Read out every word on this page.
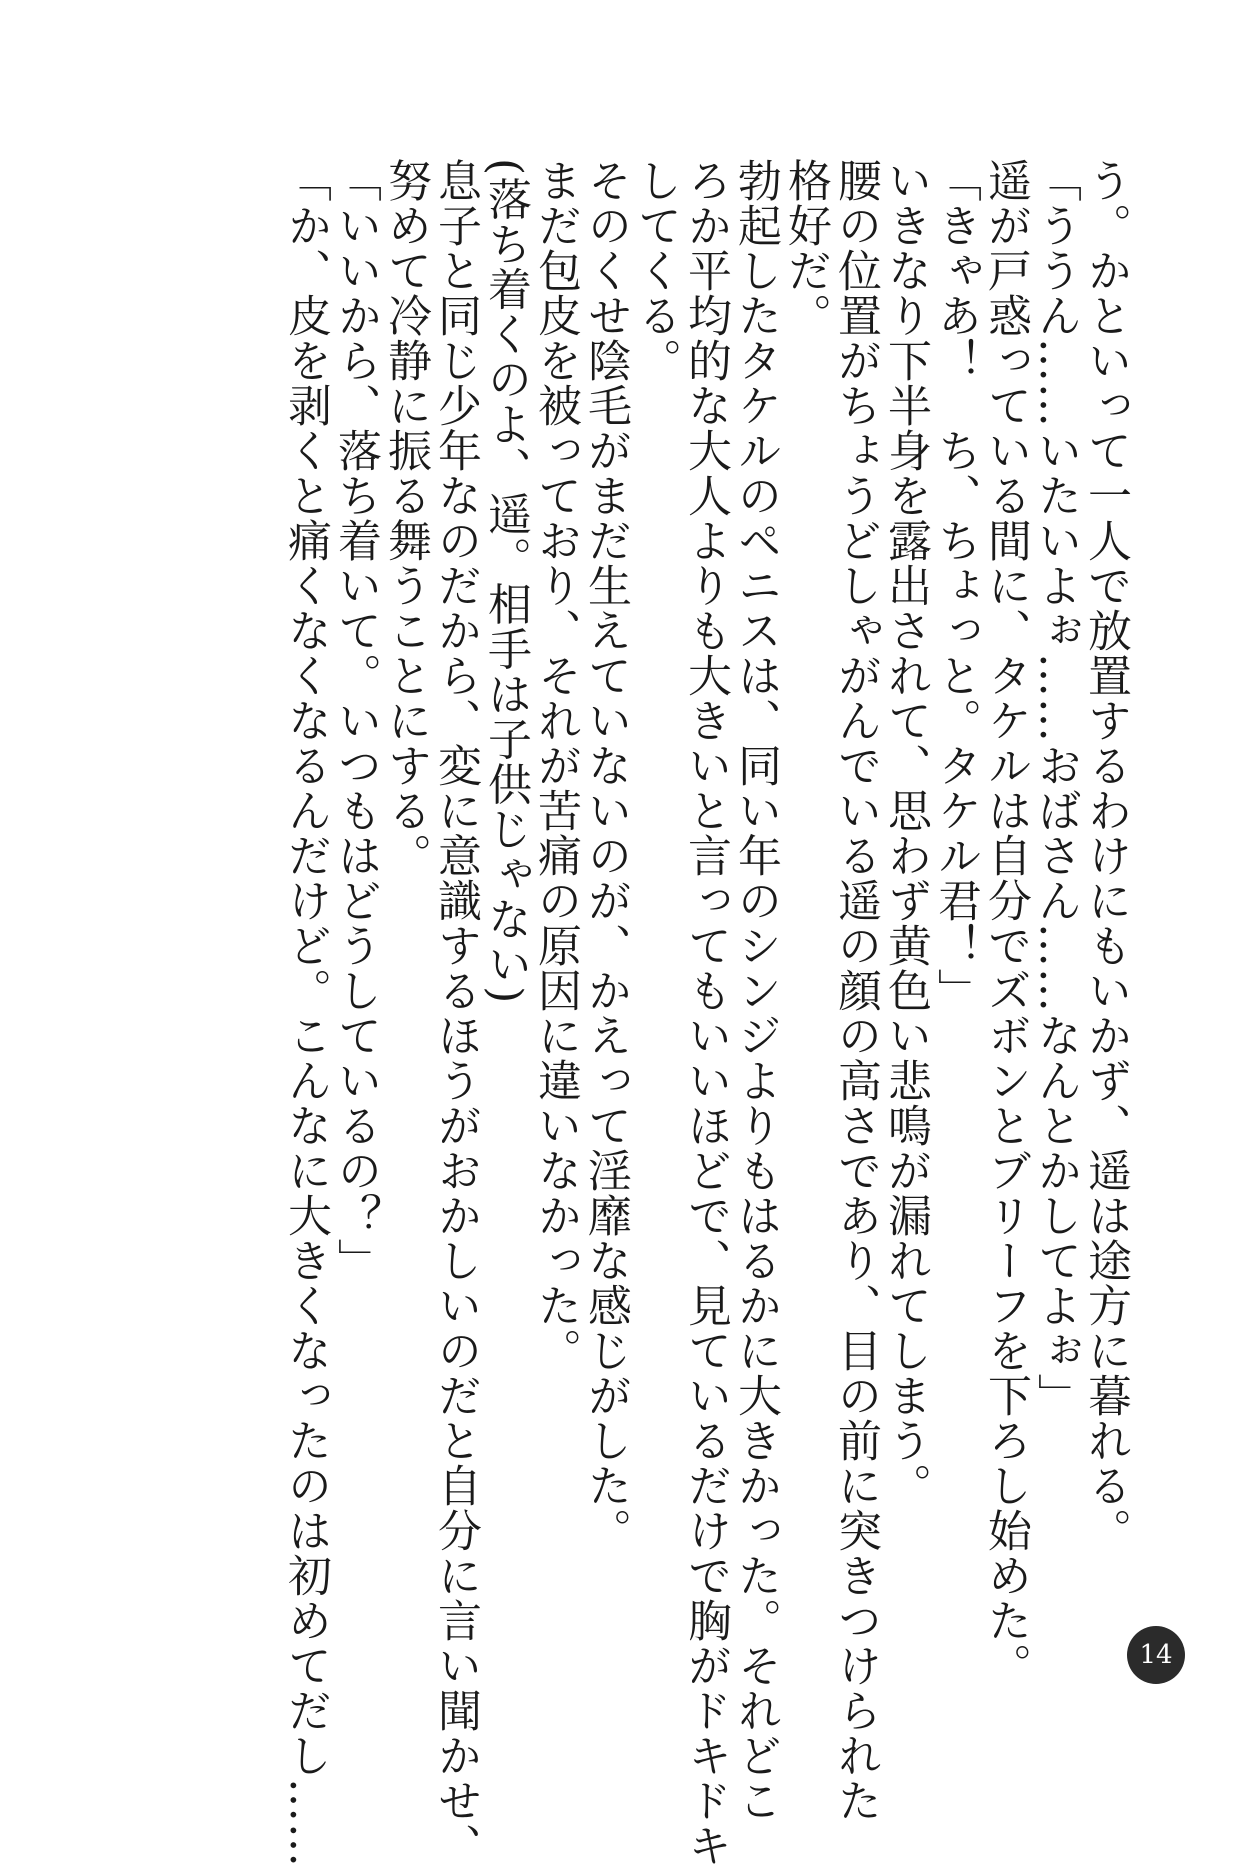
う。かといって一人で放置するわけにもいかず、遥は途方に暮れる。
「ううん……いたいよぉ……おばさん……なんとかしてよぉ」
遥が戸惑っている間に、タケルは自分でズボンとブリーフを下ろし始めた。
「きゃあ！　ち、ちょっと。タケル君！」
いきなり下半身を露出されて、思わず黄色い悲鳴が漏れてしまう。
腰の位置がちょうどしゃがんでいる遥の顔の高さであり、目の前に突きつけられた
格好だ。
勃起したタケルのペニスは、同い年のシンジよりもはるかに大きかった。それどこ
ろか平均的な大人よりも大きいと言ってもいいほどで、見ているだけで胸がドキドキ
してくる。
そのくせ陰毛がまだ生えていないのが、かえって淫靡な感じがした。
まだ包皮を被っており、それが苦痛の原因に違いなかった。
(落ち着くのよ、遥。相手は子供じゃない)
息子と同じ少年なのだから、変に意識するほうがおかしいのだと自分に言い聞かせ、
努めて冷静に振る舞うことにする。
「いいから、落ち着いて。いつもはどうしているの？」
「か、皮を剥くと痛くなくなるんだけど。こんなに大きくなったのは初めてだし……	14
